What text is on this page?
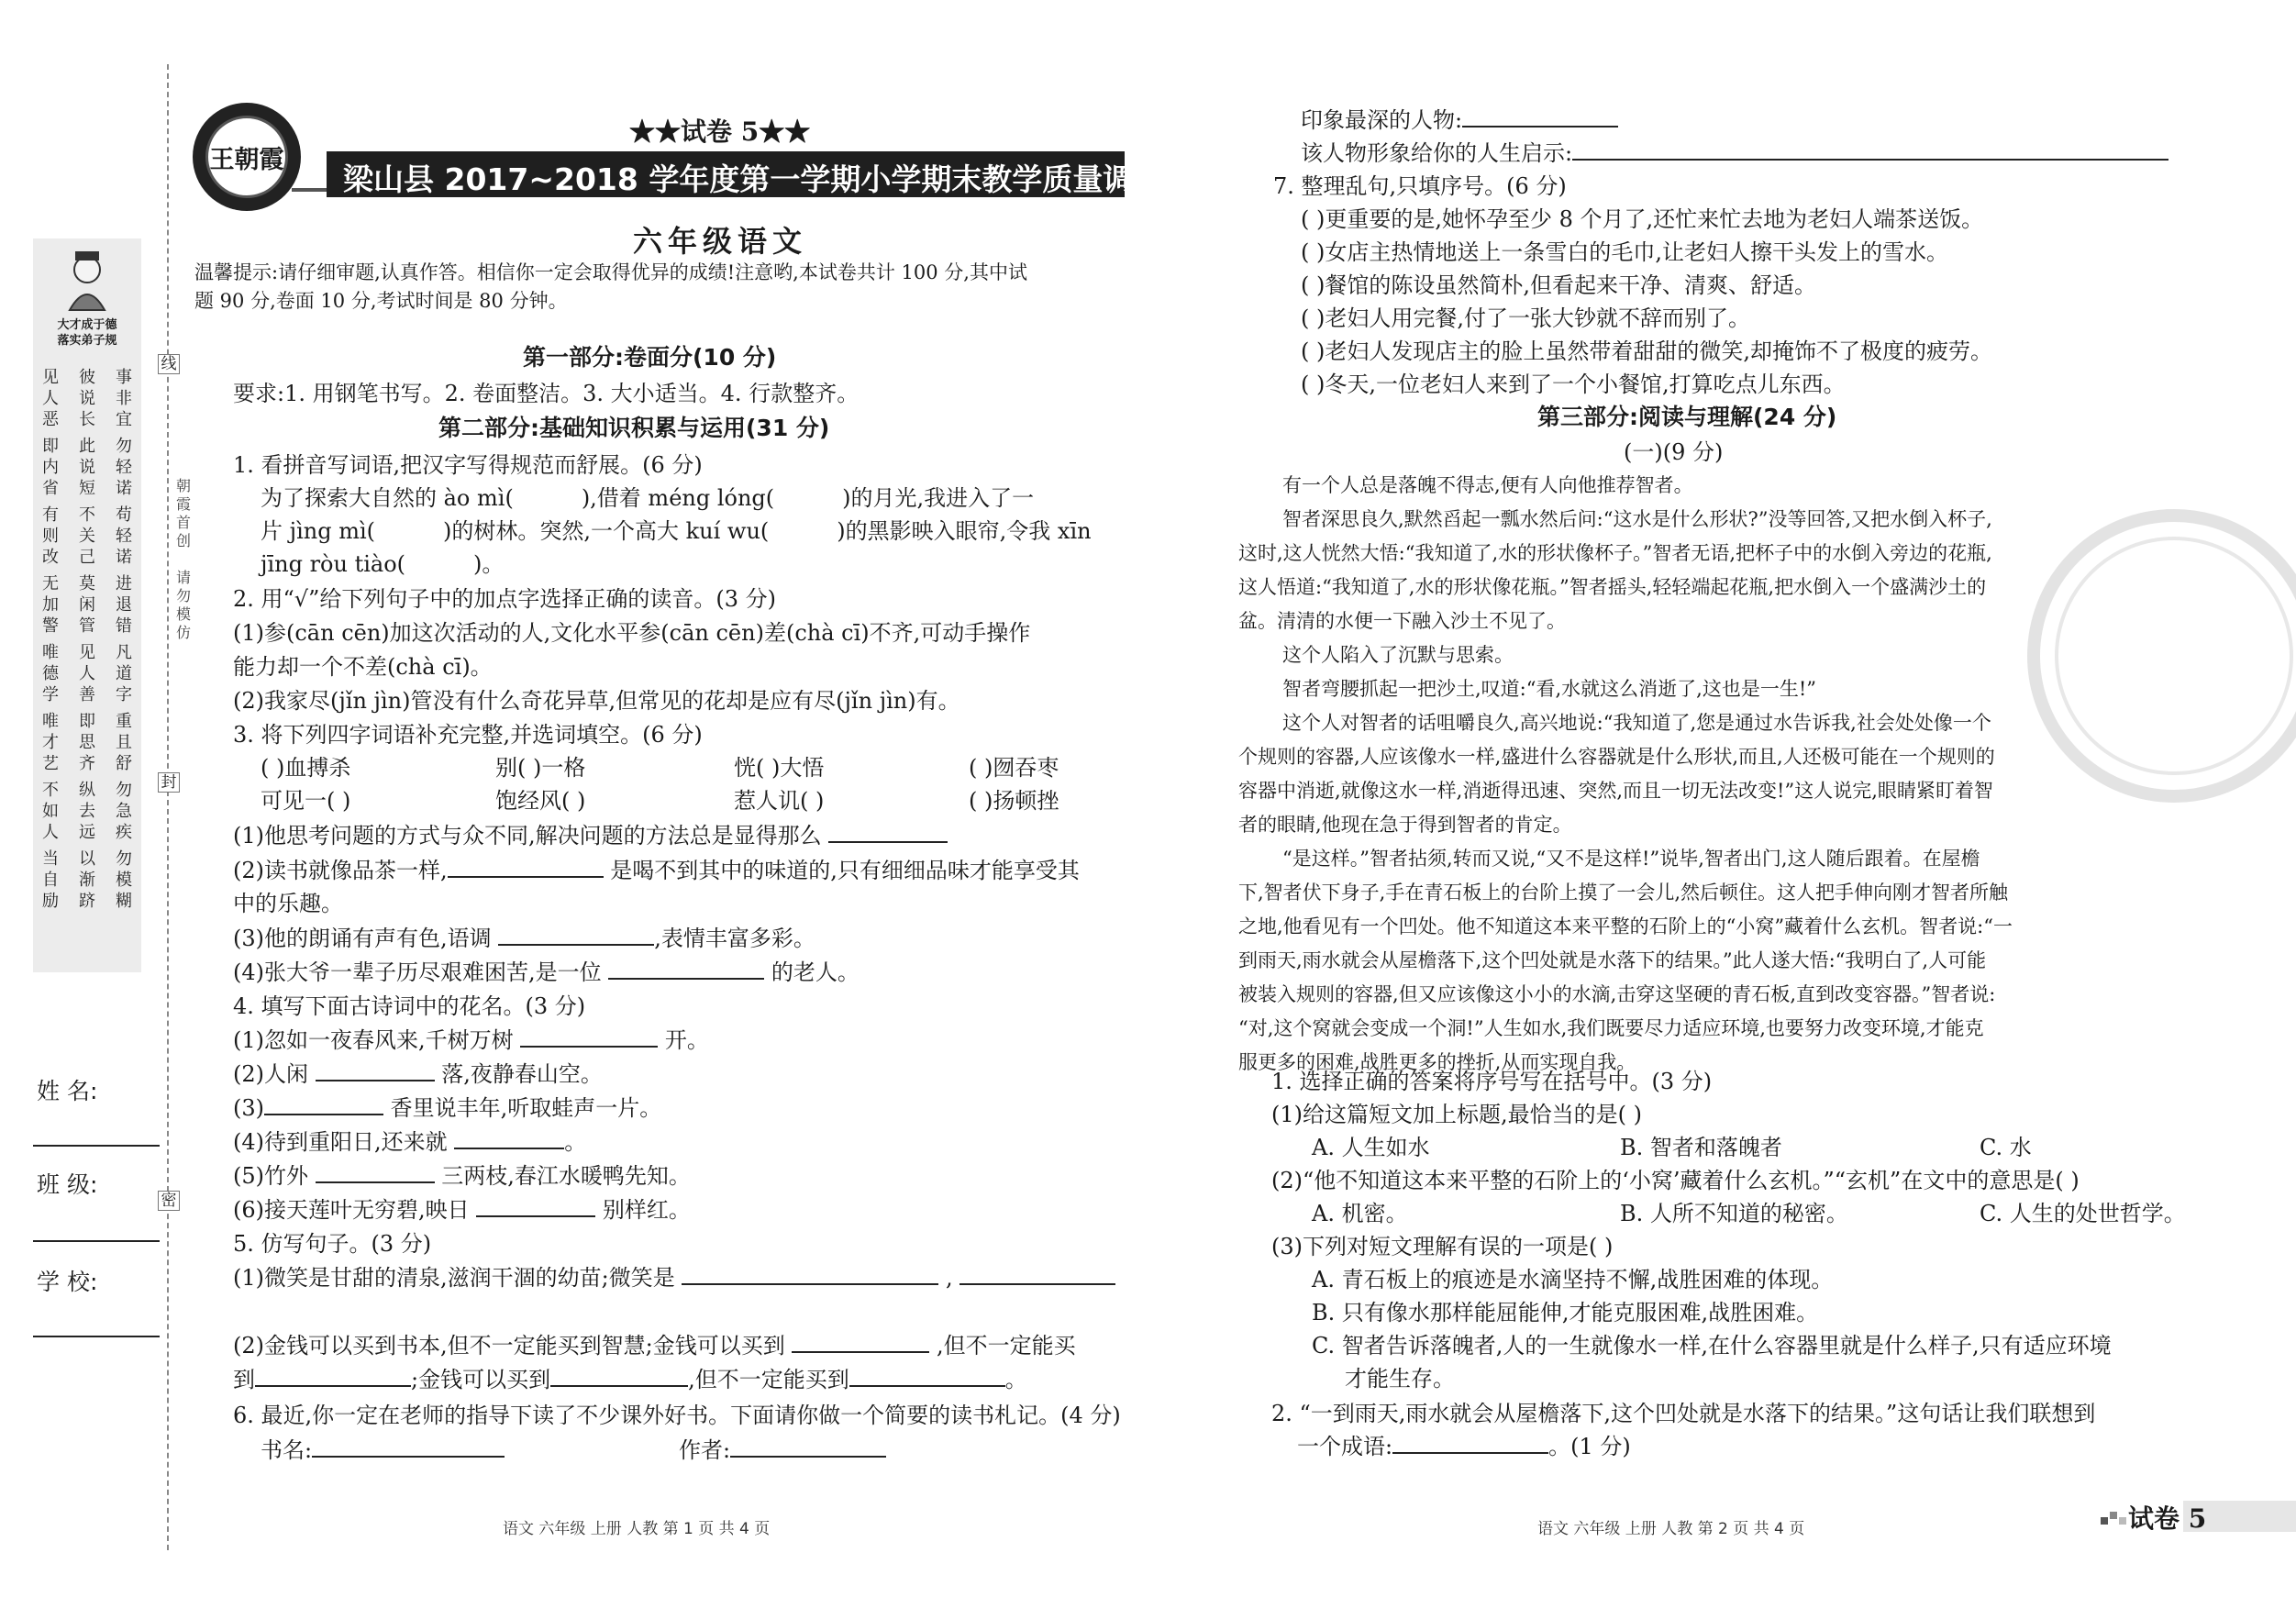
大才成于德
落实弟子规
见人恶
即内省
有则改
无加警
唯德学
唯才艺
不如人
当自励
彼说长
此说短
不关己
莫闲管
见人善
即思齐
纵去远
以渐跻
事非宜
勿轻诺
苟轻诺
进退错
凡道字
重且舒
勿急疾
勿模糊
姓 名:
班 级:
学 校:
线
封
密
朝霞首创
请勿模仿
王朝霞
★★试卷 5★★
梁山县 2017~2018 学年度第一学期小学期末教学质量调研试题
六年级语文
温馨提示:请仔细审题,认真作答。相信你一定会取得优异的成绩!注意哟,本试卷共计 100 分,其中试
题 90 分,卷面 10 分,考试时间是 80 分钟。
第一部分:卷面分(10 分)
要求:1. 用钢笔书写。2. 卷面整洁。3. 大小适当。4. 行款整齐。
第二部分:基础知识积累与运用(31 分)
1. 看拼音写词语,把汉字写得规范而舒展。(6 分)
为了探索大自然的 ào mì(	),借着 méng lóng(	)的月光,我进入了一
片 jìng mì(	)的树林。突然,一个高大 kuí wu(	)的黑影映入眼帘,令我 xīn
jīng ròu tiào(	)。
2. 用“√”给下列句子中的加点字选择正确的读音。(3 分)
(1)参(cān cēn)加这次活动的人,文化水平参(cān cēn)差(chà cī)不齐,可动手操作
能力却一个不差(chà cī)。
(2)我家尽(jǐn jìn)管没有什么奇花异草,但常见的花却是应有尽(jǐn jìn)有。
3. 将下列四字词语补充完整,并选词填空。(6 分)
( )血搏杀	别( )一格	恍( )大悟	( )囫吞枣
可见一( )	饱经风( )	惹人讥( )	( )扬顿挫
(1)他思考问题的方式与众不同,解决问题的方法总是显得那么
(2)读书就像品茶一样,	是喝不到其中的味道的,只有细细品味才能享受其
中的乐趣。
(3)他的朗诵有声有色,语调	,表情丰富多彩。
(4)张大爷一辈子历尽艰难困苦,是一位	的老人。
4. 填写下面古诗词中的花名。(3 分)
(1)忽如一夜春风来,千树万树	开。
(2)人闲	落,夜静春山空。
(3)	香里说丰年,听取蛙声一片。
(4)待到重阳日,还来就	。
(5)竹外	三两枝,春江水暖鸭先知。
(6)接天莲叶无穷碧,映日	别样红。
5. 仿写句子。(3 分)
(1)微笑是甘甜的清泉,滋润干涸的幼苗;微笑是	,
(2)金钱可以买到书本,但不一定能买到智慧;金钱可以买到	,但不一定能买
到	;金钱可以买到	,但不一定能买到	。
6. 最近,你一定在老师的指导下读了不少课外好书。下面请你做一个简要的读书札记。(4 分)
书名:	作者:
语文 六年级 上册 人教 第 1 页 共 4 页
印象最深的人物:
该人物形象给你的人生启示:
7. 整理乱句,只填序号。(6 分)
( )更重要的是,她怀孕至少 8 个月了,还忙来忙去地为老妇人端茶送饭。
( )女店主热情地送上一条雪白的毛巾,让老妇人擦干头发上的雪水。
( )餐馆的陈设虽然简朴,但看起来干净、清爽、舒适。
( )老妇人用完餐,付了一张大钞就不辞而别了。
( )老妇人发现店主的脸上虽然带着甜甜的微笑,却掩饰不了极度的疲劳。
( )冬天,一位老妇人来到了一个小餐馆,打算吃点儿东西。
第三部分:阅读与理解(24 分)
(一)(9 分)
有一个人总是落魄不得志,便有人向他推荐智者。
智者深思良久,默然舀起一瓢水然后问:“这水是什么形状?”没等回答,又把水倒入杯子,
这时,这人恍然大悟:“我知道了,水的形状像杯子。”智者无语,把杯子中的水倒入旁边的花瓶,
这人悟道:“我知道了,水的形状像花瓶。”智者摇头,轻轻端起花瓶,把水倒入一个盛满沙土的
盆。清清的水便一下融入沙土不见了。
这个人陷入了沉默与思索。
智者弯腰抓起一把沙土,叹道:“看,水就这么消逝了,这也是一生!”
这个人对智者的话咀嚼良久,高兴地说:“我知道了,您是通过水告诉我,社会处处像一个
个规则的容器,人应该像水一样,盛进什么容器就是什么形状,而且,人还极可能在一个规则的
容器中消逝,就像这水一样,消逝得迅速、突然,而且一切无法改变!”这人说完,眼睛紧盯着智
者的眼睛,他现在急于得到智者的肯定。
“是这样。”智者拈须,转而又说,“又不是这样!”说毕,智者出门,这人随后跟着。在屋檐
下,智者伏下身子,手在青石板上的台阶上摸了一会儿,然后顿住。这人把手伸向刚才智者所触
之地,他看见有一个凹处。他不知道这本来平整的石阶上的“小窝”藏着什么玄机。智者说:“一
到雨天,雨水就会从屋檐落下,这个凹处就是水落下的结果。”此人遂大悟:“我明白了,人可能
被装入规则的容器,但又应该像这小小的水滴,击穿这坚硬的青石板,直到改变容器。”智者说:
“对,这个窝就会变成一个洞!”人生如水,我们既要尽力适应环境,也要努力改变环境,才能克
服更多的困难,战胜更多的挫折,从而实现自我。
1. 选择正确的答案将序号写在括号中。(3 分)
(1)给这篇短文加上标题,最恰当的是( )
A. 人生如水	B. 智者和落魄者	C. 水
(2)“他不知道这本来平整的石阶上的‘小窝’藏着什么玄机。”“玄机”在文中的意思是( )
A. 机密。	B. 人所不知道的秘密。	C. 人生的处世哲学。
(3)下列对短文理解有误的一项是( )
A. 青石板上的痕迹是水滴坚持不懈,战胜困难的体现。
B. 只有像水那样能屈能伸,才能克服困难,战胜困难。
C. 智者告诉落魄者,人的一生就像水一样,在什么容器里就是什么样子,只有适应环境
才能生存。
2. “一到雨天,雨水就会从屋檐落下,这个凹处就是水落下的结果。”这句话让我们联想到
一个成语:	。(1 分)
语文 六年级 上册 人教 第 2 页 共 4 页	试卷 5
